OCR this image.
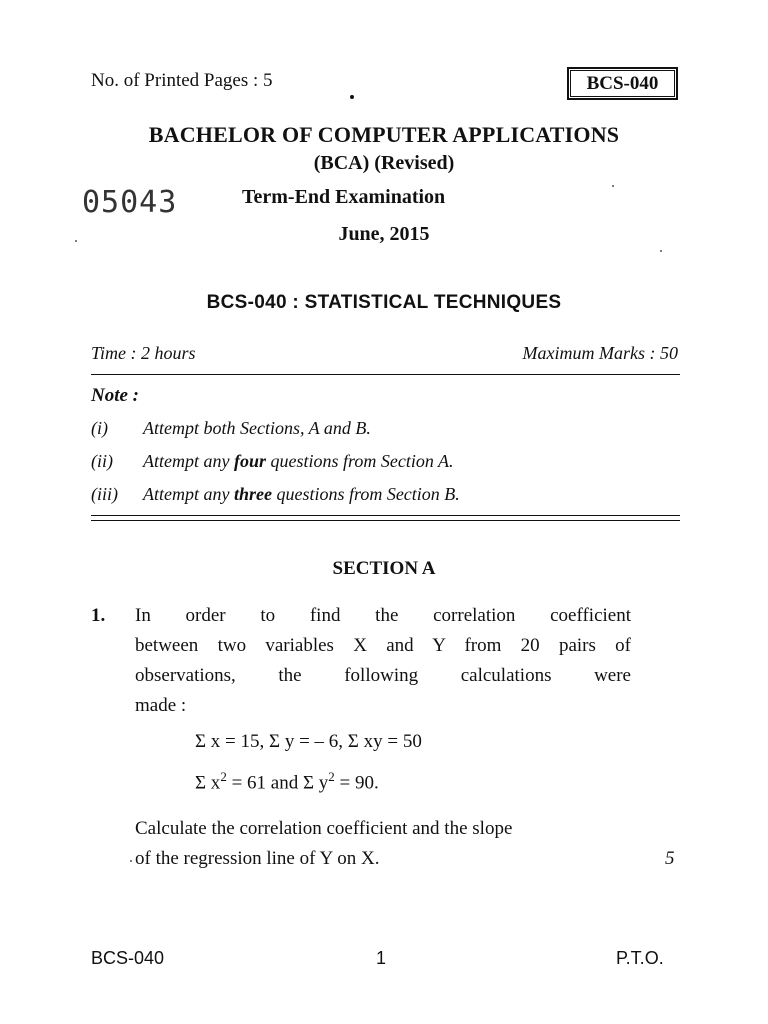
No. of Printed Pages : 5	BCS-040
BACHELOR OF COMPUTER APPLICATIONS
(BCA) (Revised)
05043	Term-End Examination
June, 2015
BCS-040 : STATISTICAL TECHNIQUES
Time : 2 hours	Maximum Marks : 50
Note :
(i) Attempt both Sections, A and B.
(ii) Attempt any four questions from Section A.
(iii) Attempt any three questions from Section B.
SECTION A
1. In order to find the correlation coefficient
between two variables X and Y from 20 pairs of
observations, the following calculations were
made :
Σ x = 15, Σ y = – 6, Σ xy = 50
Σ $x^2 = 61$ and Σ $y^2 = 90$.
Calculate the correlation coefficient and the slope
of the regression line of Y on X.	5
BCS-040	1	P.T.O.
